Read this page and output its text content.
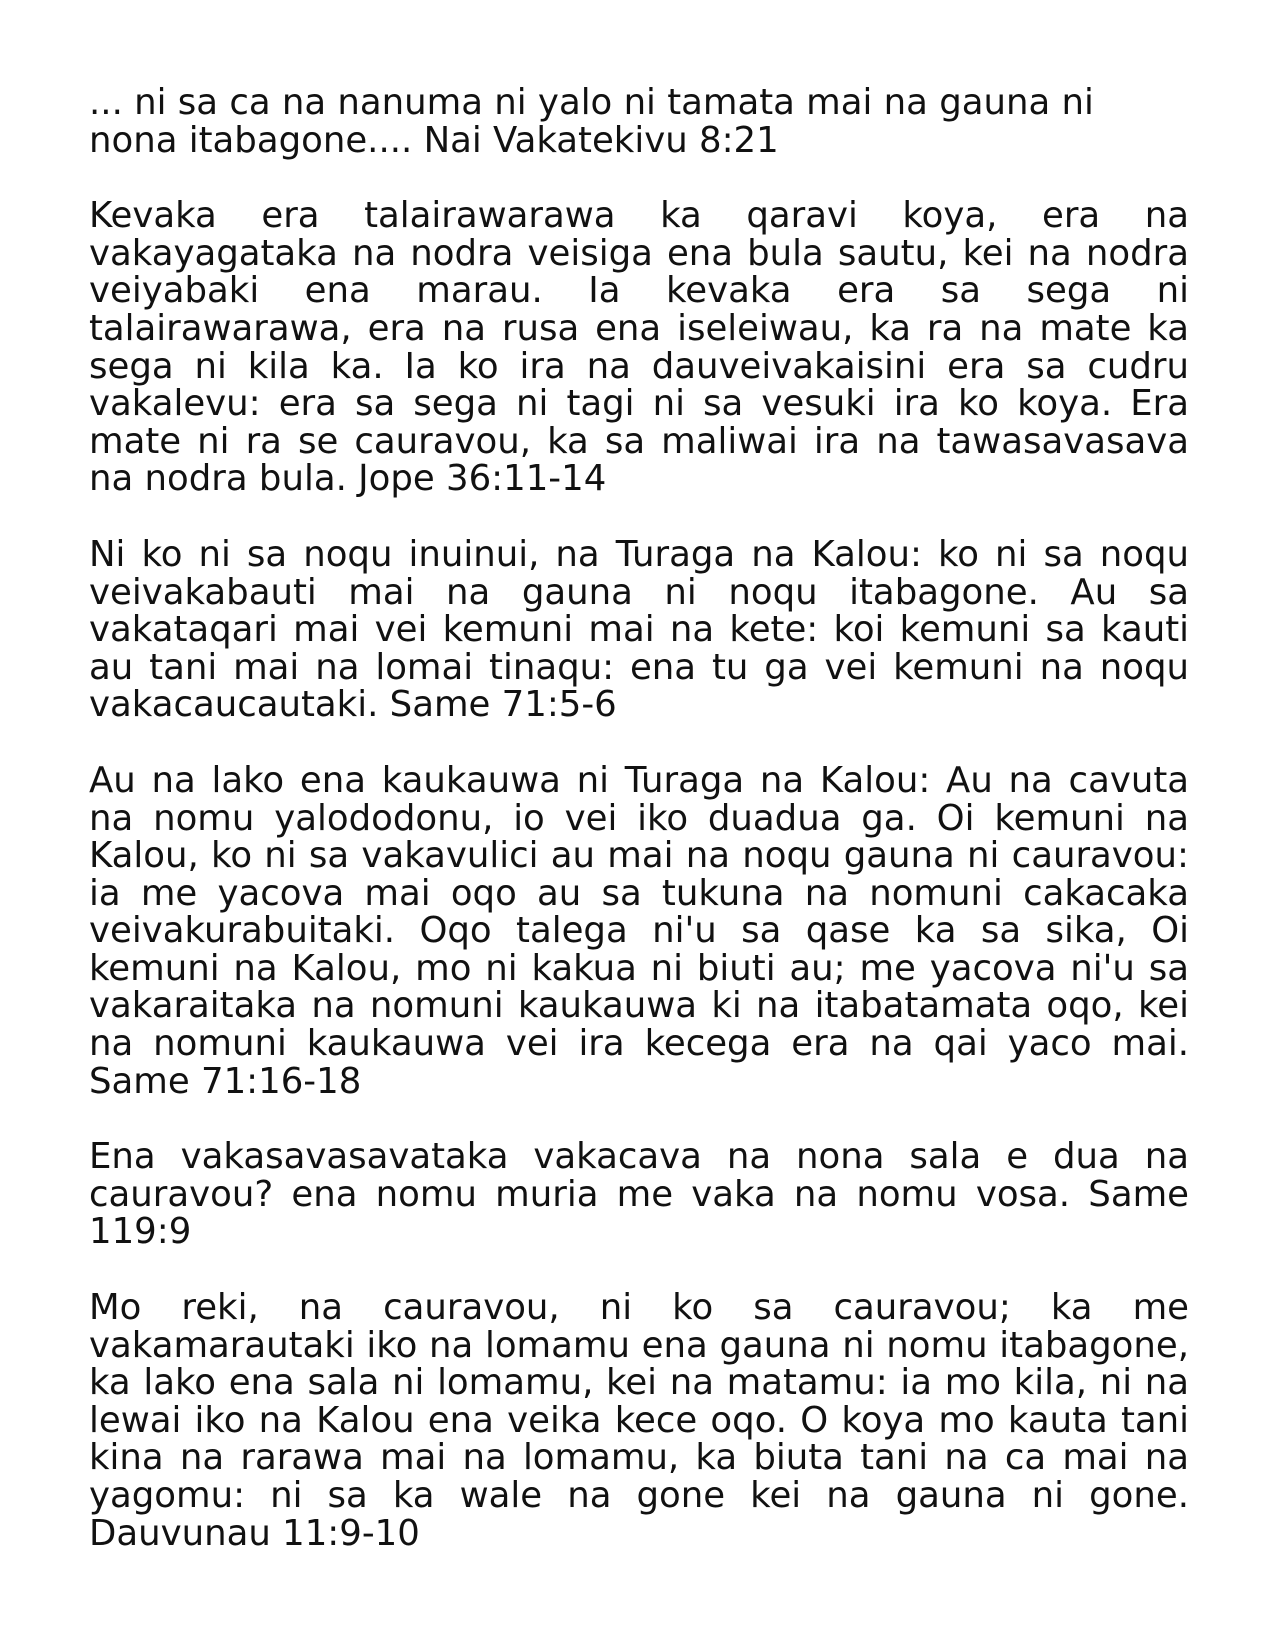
... ni sa ca na nanuma ni yalo ni tamata mai na gauna ni nona itabagone.... Nai Vakatekivu 8:21

Kevaka era talairawarawa ka qaravi koya, era na vakayagataka na nodra veisiga ena bula sautu, kei na nodra veiyabaki ena marau. Ia kevaka era sa sega ni talairawarawa, era na rusa ena iseleiwau, ka ra na mate ka sega ni kila ka. Ia ko ira na dauveivakaisini era sa cudru vakalevu: era sa sega ni tagi ni sa vesuki ira ko koya. Era mate ni ra se cauravou, ka sa maliwai ira na tawasavasava na nodra bula. Jope 36:11-14

Ni ko ni sa noqu inuinui, na Turaga na Kalou: ko ni sa noqu veivakabauti mai na gauna ni noqu itabagone. Au sa vakataqari mai vei kemuni mai na kete: koi kemuni sa kauti au tani mai na lomai tinaqu: ena tu ga vei kemuni na noqu vakacaucautaki. Same 71:5-6

Au na lako ena kaukauwa ni Turaga na Kalou: Au na cavuta na nomu yalododonu, io vei iko duadua ga. Oi kemuni na Kalou, ko ni sa vakavulici au mai na noqu gauna ni cauravou: ia me yacova mai oqo au sa tukuna na nomuni cakacaka veivakurabuitaki. Oqo talega ni'u sa qase ka sa sika, Oi kemuni na Kalou, mo ni kakua ni biuti au; me yacova ni'u sa vakaraitaka na nomuni kaukauwa ki na itabatamata oqo, kei na nomuni kaukauwa vei ira kecega era na qai yaco mai. Same 71:16-18

Ena vakasavasavataka vakacava na nona sala e dua na cauravou? ena nomu muria me vaka na nomu vosa. Same 119:9

Mo reki, na cauravou, ni ko sa cauravou; ka me vakamarautaki iko na lomamu ena gauna ni nomu itabagone, ka lako ena sala ni lomamu, kei na matamu: ia mo kila, ni na lewai iko na Kalou ena veika kece oqo. O koya mo kauta tani kina na rarawa mai na lomamu, ka biuta tani na ca mai na yagomu: ni sa ka wale na gone kei na gauna ni gone. Dauvunau 11:9-10
